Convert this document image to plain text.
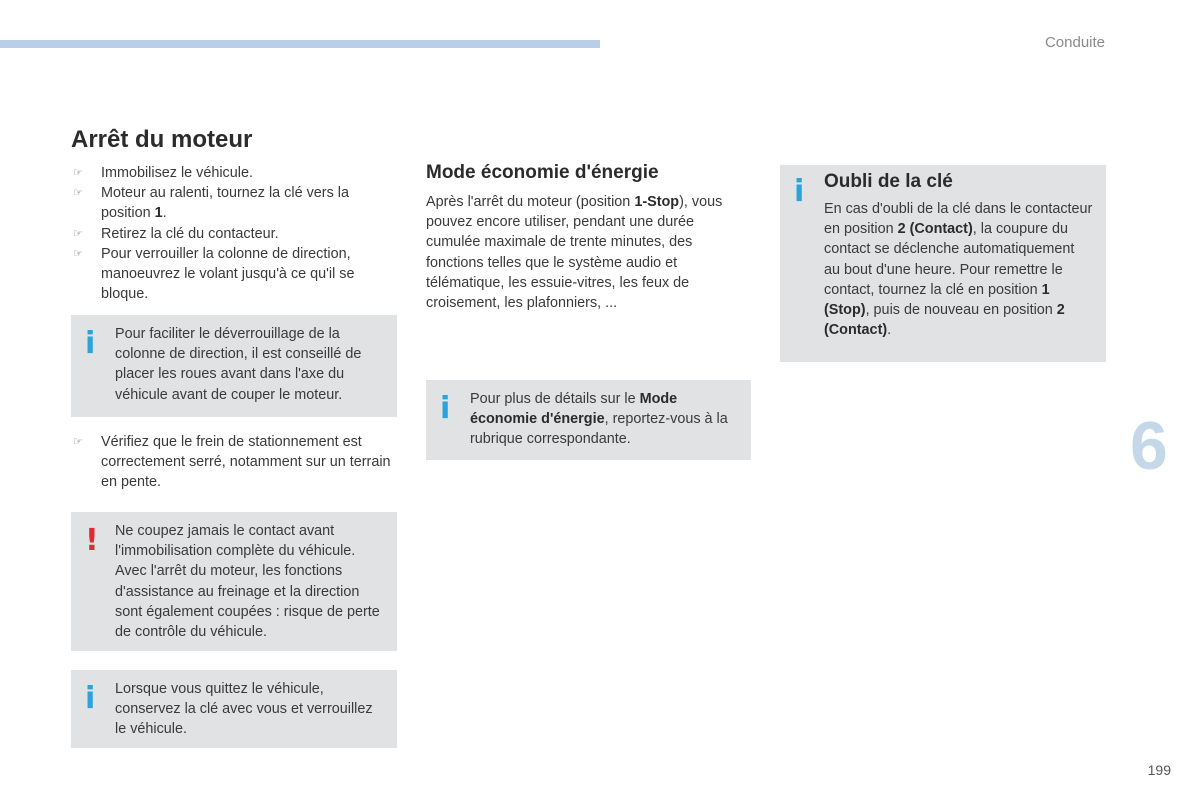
Conduite
Arrêt du moteur
☞	Immobilisez le véhicule.
☞	Moteur au ralenti, tournez la clé vers la position 1.
☞	Retirez la clé du contacteur.
☞	Pour verrouiller la colonne de direction, manoeuvrez le volant jusqu'à ce qu'il se bloque.
i Pour faciliter le déverrouillage de la colonne de direction, il est conseillé de placer les roues avant dans l'axe du véhicule avant de couper le moteur.
☞	Vérifiez que le frein de stationnement est correctement serré, notamment sur un terrain en pente.
! Ne coupez jamais le contact avant l'immobilisation complète du véhicule. Avec l'arrêt du moteur, les fonctions d'assistance au freinage et la direction sont également coupées : risque de perte de contrôle du véhicule.
i Lorsque vous quittez le véhicule, conservez la clé avec vous et verrouillez le véhicule.
Mode économie d'énergie

Après l'arrêt du moteur (position 1-Stop), vous pouvez encore utiliser, pendant une durée cumulée maximale de trente minutes, des fonctions telles que le système audio et télématique, les essuie-vitres, les feux de croisement, les plafonniers, ...

i Pour plus de détails sur le Mode économie d'énergie, reportez-vous à la rubrique correspondante.
i Oubli de la clé
En cas d'oubli de la clé dans le contacteur en position 2 (Contact), la coupure du contact se déclenche automatiquement au bout d'une heure. Pour remettre le contact, tournez la clé en position 1 (Stop), puis de nouveau en position 2 (Contact).
6
199
